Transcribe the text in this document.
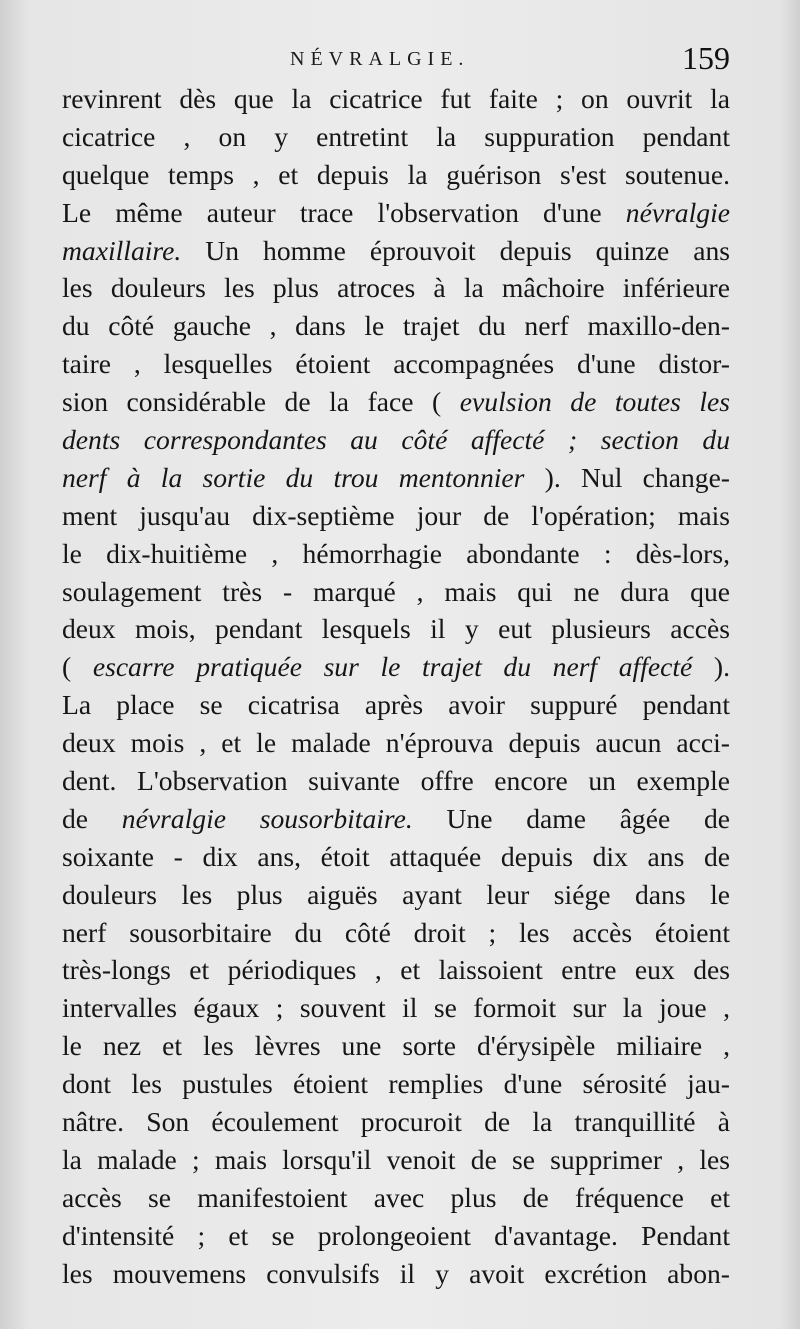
NÉVRALGIE.	159
revinrent dès que la cicatrice fut faite ; on ouvrit la
cicatrice , on y entretint la suppuration pendant
quelque temps , et depuis la guérison s'est soutenue.
Le même auteur trace l'observation d'une névralgie
maxillaire. Un homme éprouvoit depuis quinze ans
les douleurs les plus atroces à la mâchoire inférieure
du côté gauche , dans le trajet du nerf maxillo-den-
taire , lesquelles étoient accompagnées d'une distor-
sion considérable de la face ( evulsion de toutes les
dents correspondantes au côté affecté ; section du
nerf à la sortie du trou mentonnier ). Nul change-
ment jusqu'au dix-septième jour de l'opération; mais
le dix-huitième , hémorrhagie abondante : dès-lors,
soulagement très - marqué , mais qui ne dura que
deux mois, pendant lesquels il y eut plusieurs accès
( escarre pratiquée sur le trajet du nerf affecté ).
La place se cicatrisa après avoir suppuré pendant
deux mois , et le malade n'éprouva depuis aucun acci-
dent. L'observation suivante offre encore un exemple
de névralgie sousorbitaire. Une dame âgée de
soixante - dix ans, étoit attaquée depuis dix ans de
douleurs les plus aiguës ayant leur siége dans le
nerf sousorbitaire du côté droit ; les accès étoient
très-longs et périodiques , et laissoient entre eux des
intervalles égaux ; souvent il se formoit sur la joue ,
le nez et les lèvres une sorte d'érysipèle miliaire ,
dont les pustules étoient remplies d'une sérosité jau-
nâtre. Son écoulement procuroit de la tranquillité à
la malade ; mais lorsqu'il venoit de se supprimer , les
accès se manifestoient avec plus de fréquence et
d'intensité ; et se prolongeoient d'avantage. Pendant
les mouvemens convulsifs il y avoit excrétion abon-
